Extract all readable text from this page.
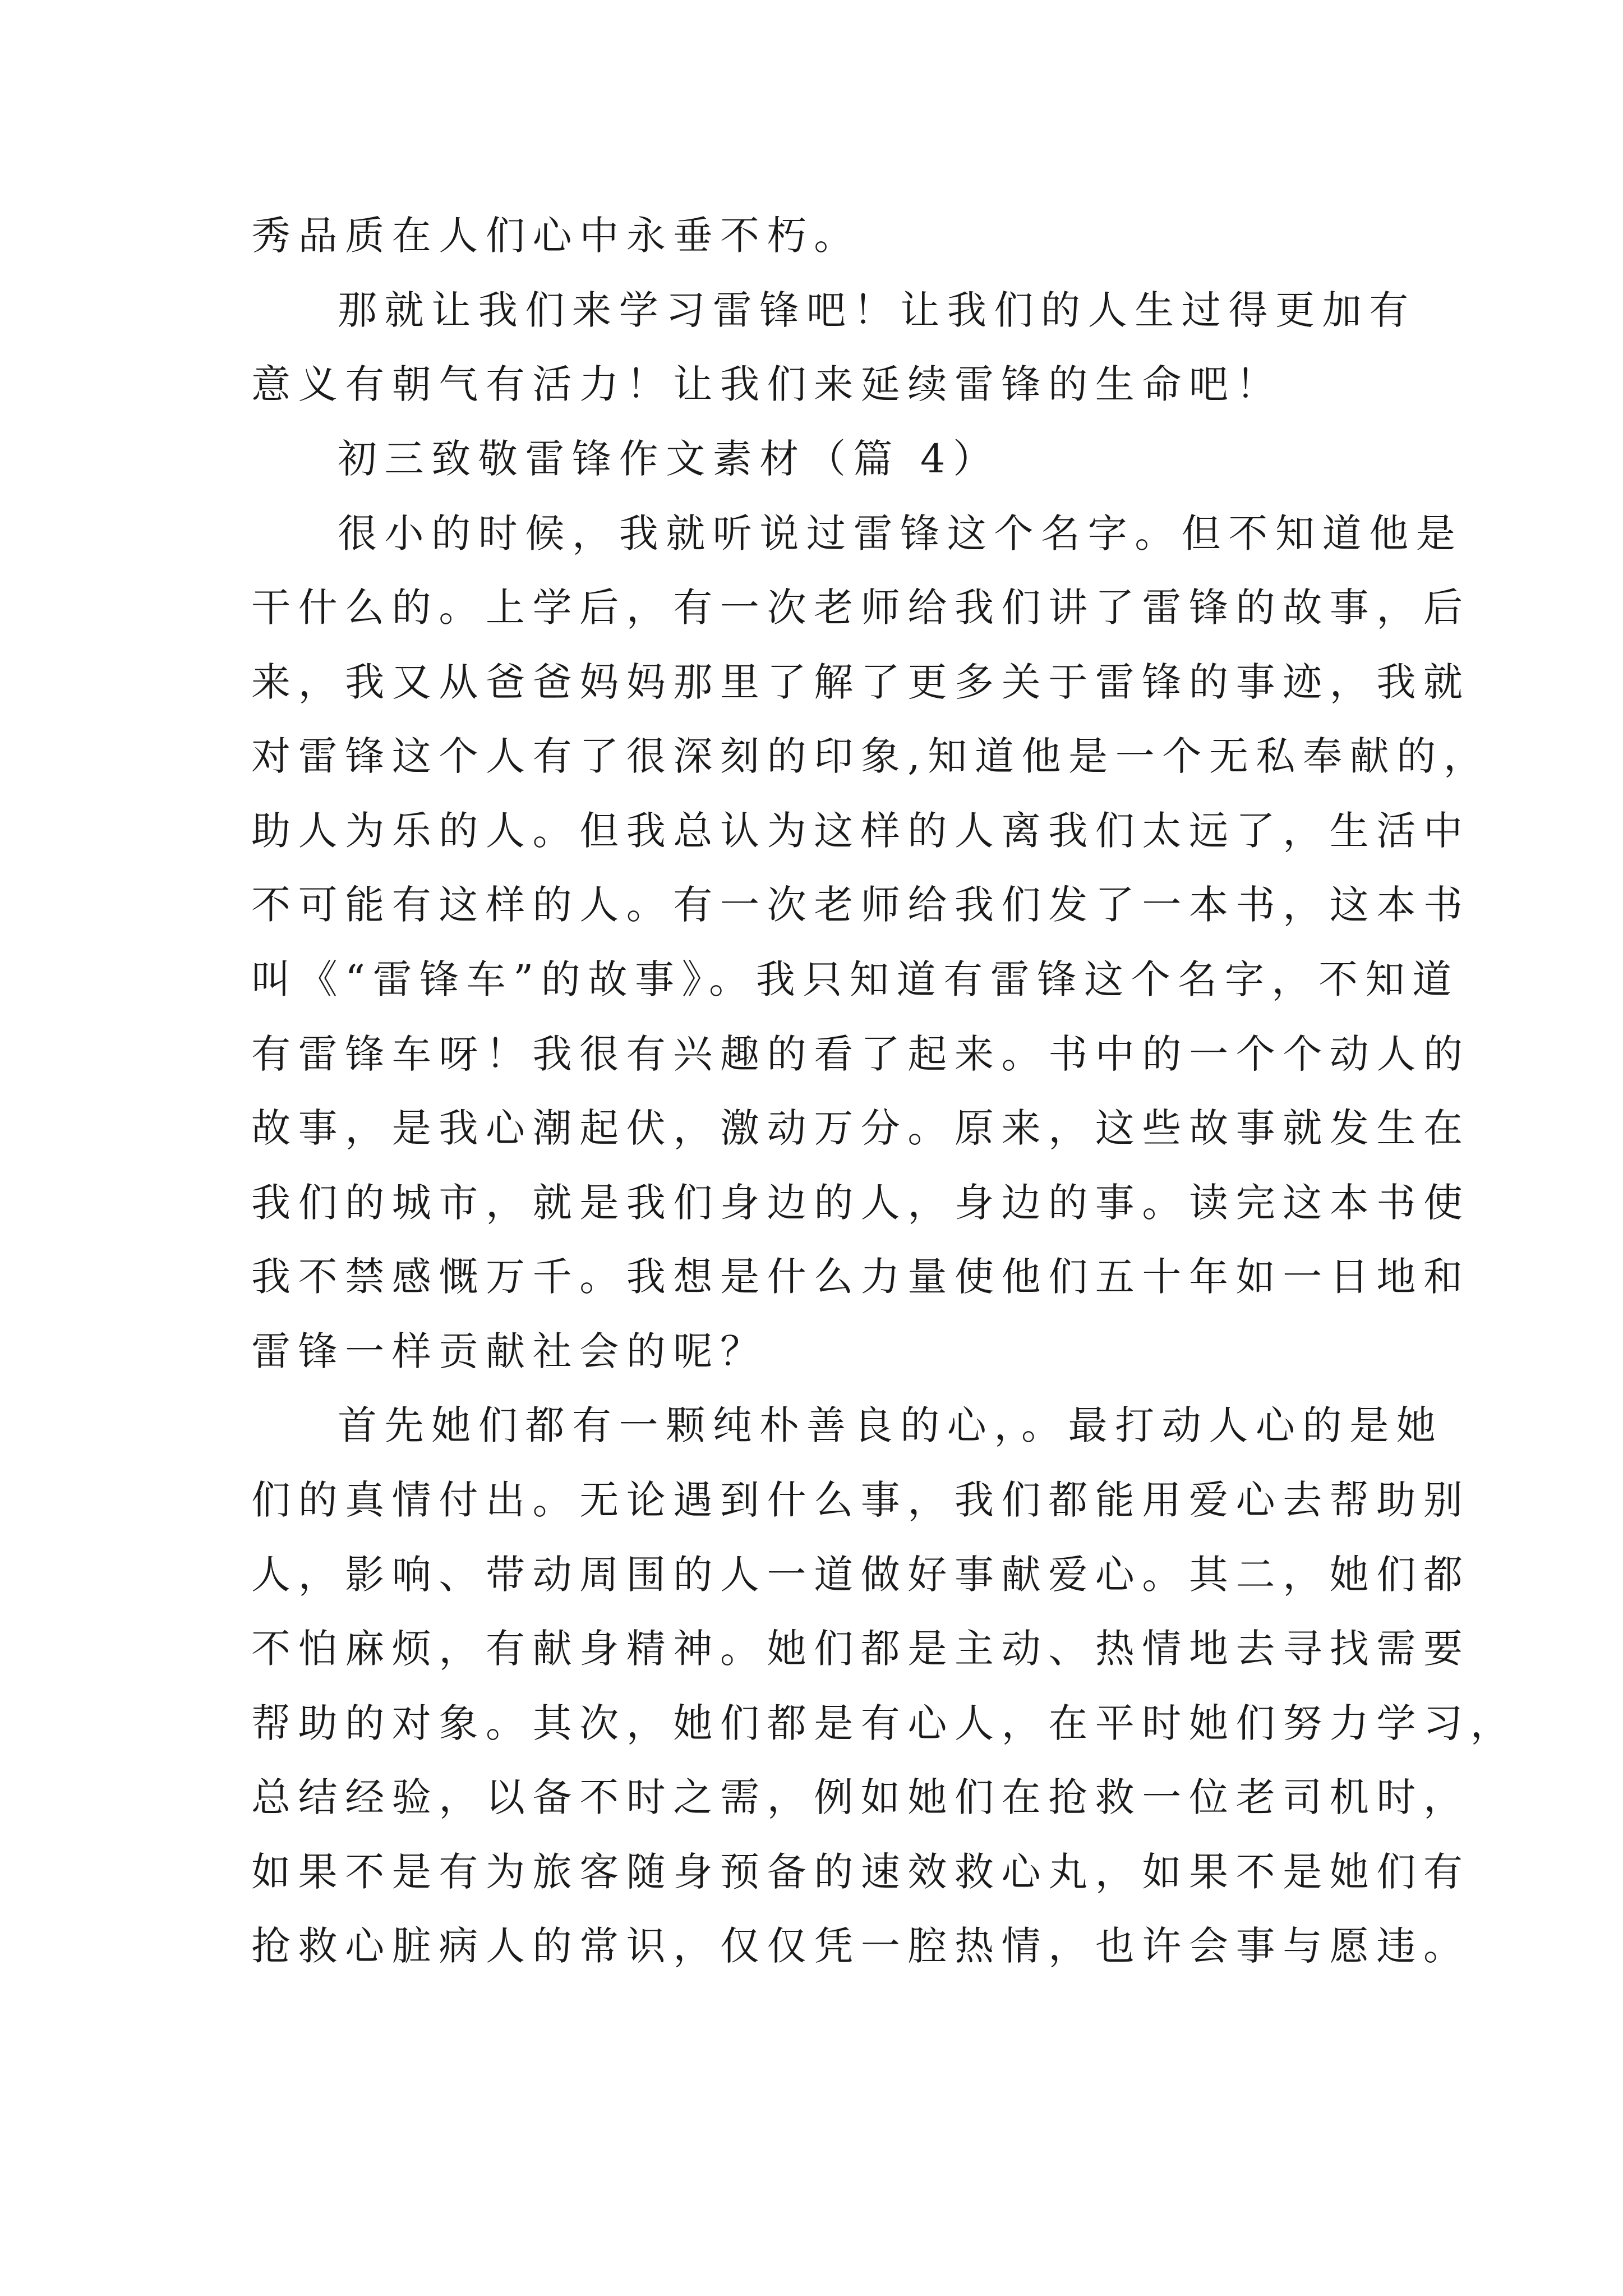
秀品质在人们心中永垂不朽。
那就让我们来学习雷锋吧！让我们的人生过得更加有
意义有朝气有活力！让我们来延续雷锋的生命吧！
初三致敬雷锋作文素材（篇 4）
很小的时候，我就听说过雷锋这个名字。但不知道他是
干什么的。上学后，有一次老师给我们讲了雷锋的故事，后
来，我又从爸爸妈妈那里了解了更多关于雷锋的事迹，我就
对雷锋这个人有了很深刻的印象,知道他是一个无私奉献的，
助人为乐的人。但我总认为这样的人离我们太远了，生活中
不可能有这样的人。有一次老师给我们发了一本书，这本书
叫《“雷锋车”的故事》。我只知道有雷锋这个名字，不知道
有雷锋车呀！我很有兴趣的看了起来。书中的一个个动人的
故事，是我心潮起伏，激动万分。原来，这些故事就发生在
我们的城市，就是我们身边的人，身边的事。读完这本书使
我不禁感慨万千。我想是什么力量使他们五十年如一日地和
雷锋一样贡献社会的呢？
首先她们都有一颗纯朴善良的心，。最打动人心的是她
们的真情付出。无论遇到什么事，我们都能用爱心去帮助别
人，影响、带动周围的人一道做好事献爱心。其二，她们都
不怕麻烦，有献身精神。她们都是主动、热情地去寻找需要
帮助的对象。其次，她们都是有心人，在平时她们努力学习，
总结经验，以备不时之需，例如她们在抢救一位老司机时，
如果不是有为旅客随身预备的速效救心丸，如果不是她们有
抢救心脏病人的常识，仅仅凭一腔热情，也许会事与愿违。
